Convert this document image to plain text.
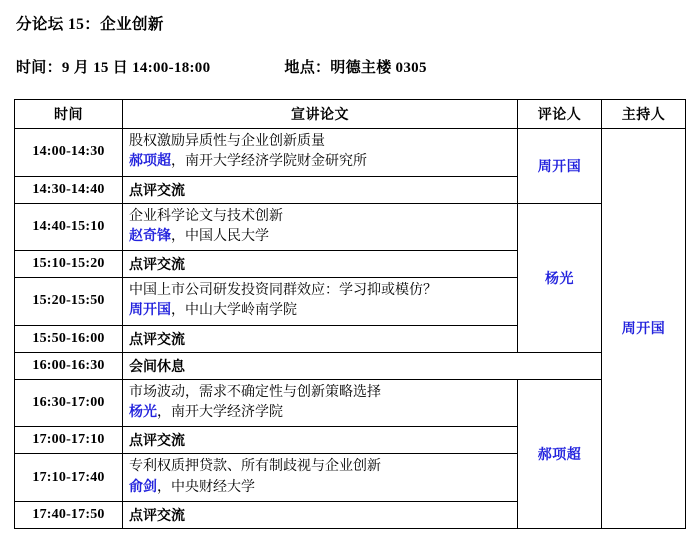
分论坛 15：企业创新
时间：9 月 15 日 14:00-18:00	地点：明德主楼 0305
时间	宣讲论文	评论人	主持人
14:00-14:30	股权激励异质性与企业创新质量
郝项超，南开大学经济学院财金研究所	周开国	周开国
14:30-14:40	点评交流		
14:40-15:10	企业科学论文与技术创新
赵奇锋，中国人民大学	杨光	
15:10-15:20	点评交流		
15:20-15:50	中国上市公司研发投资同群效应：学习抑或模仿？
周开国，中山大学岭南学院		

15:50-16:00	点评交流		
16:00-16:30	会间休息		
16:30-17:00	市场波动，需求不确定性与创新策略选择
杨光，南开大学经济学院	郝项超	
17:00-17:10	点评交流		
17:10-17:40	专利权质押贷款、所有制歧视与企业创新
俞剑，中央财经大学		

17:40-17:50	点评交流		
